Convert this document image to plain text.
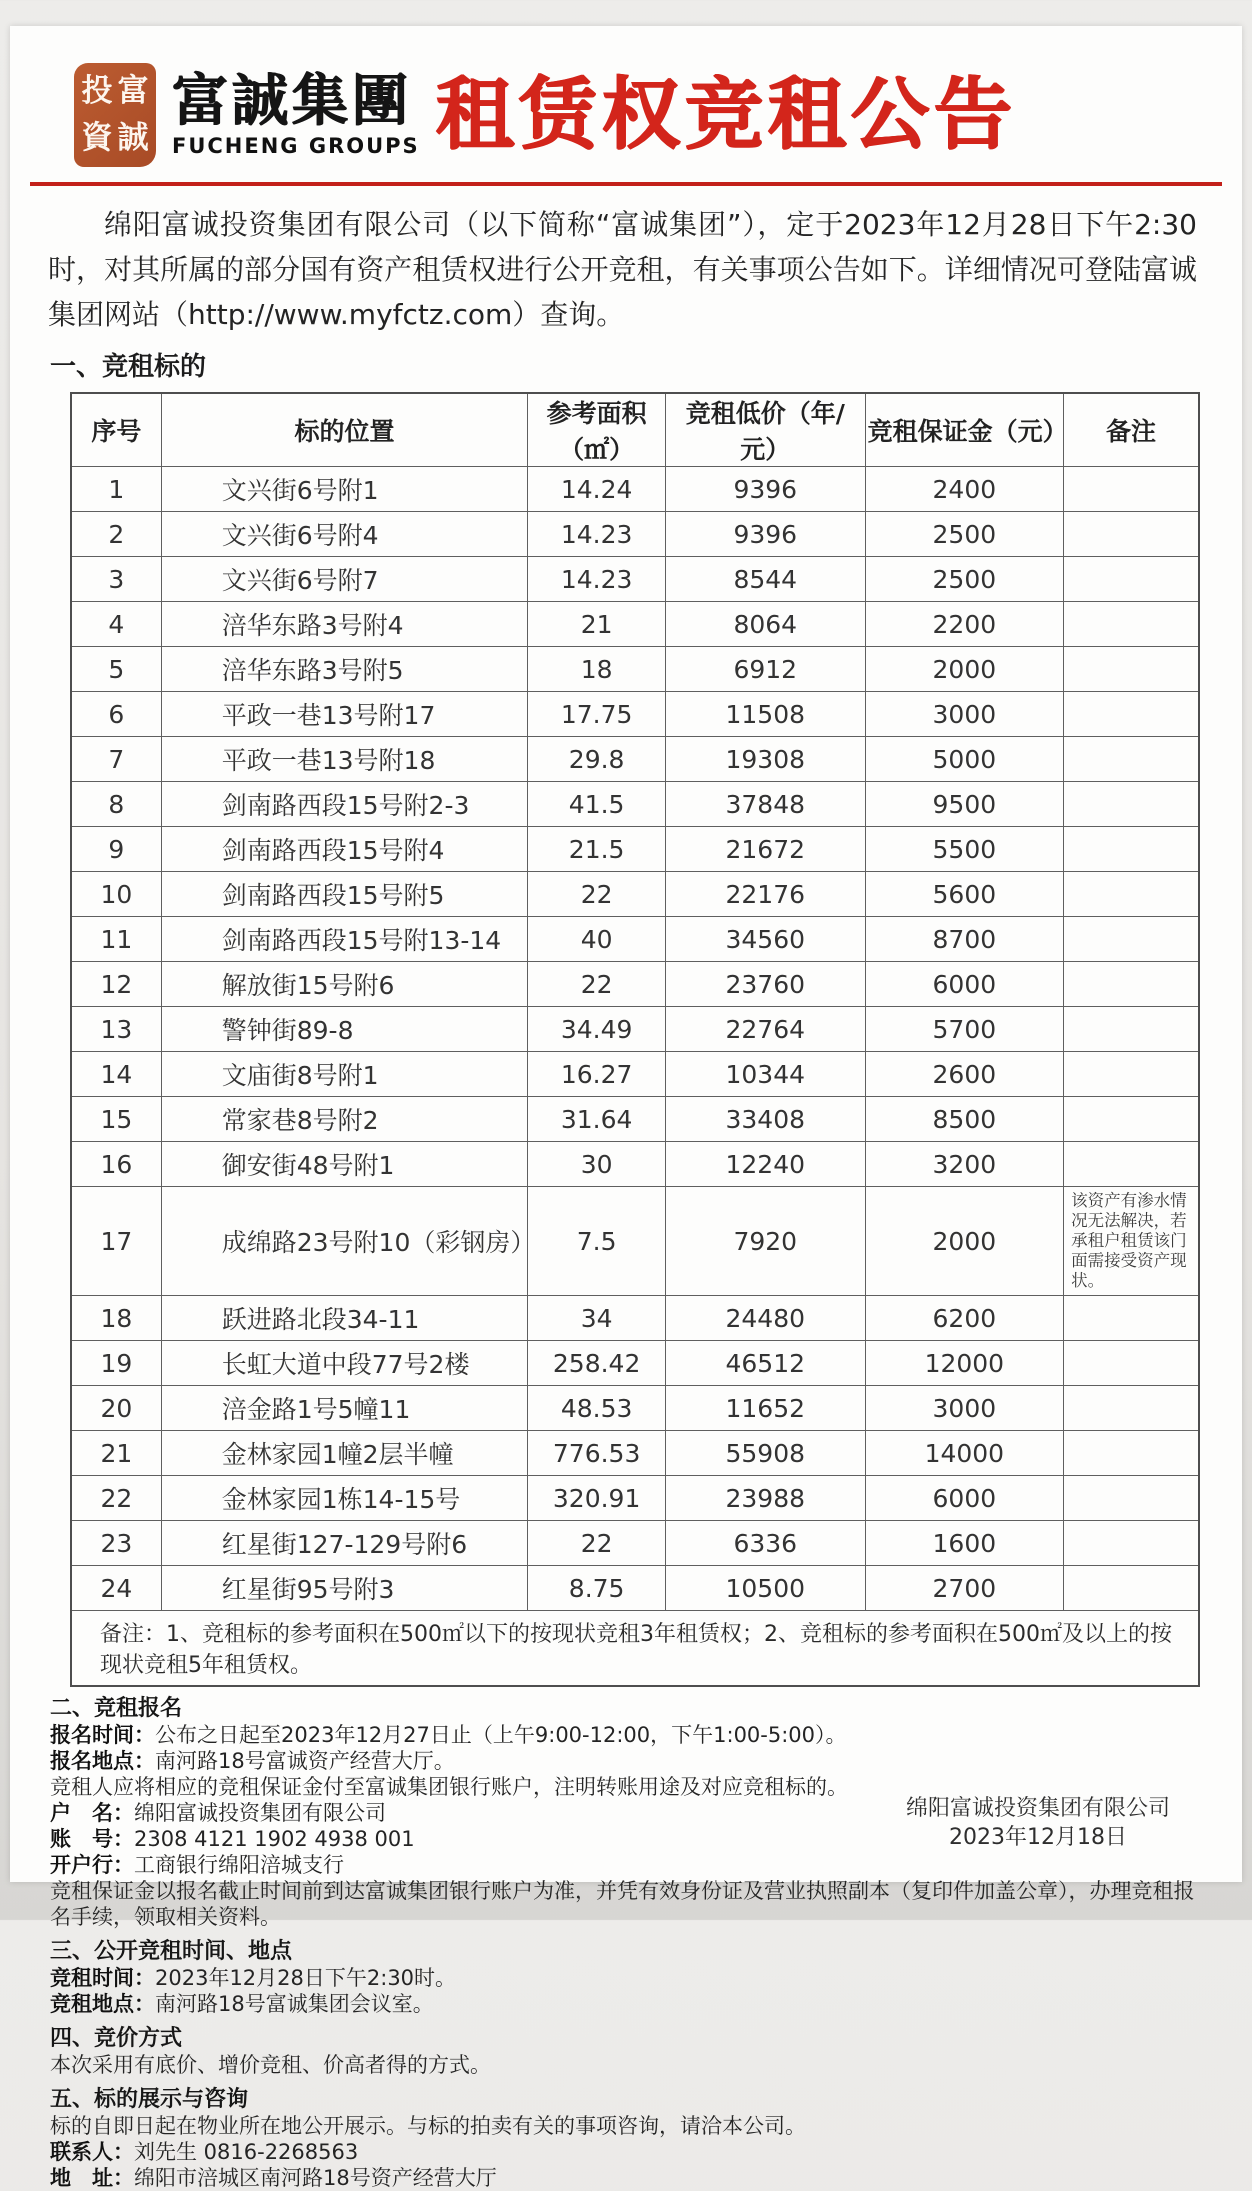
投 富
資 誠
富誠集團
FUCHENG GROUPS 租赁权竞租公告

绵阳富诚投资集团有限公司（以下简称“富诚集团”），定于2023年12月28日下午2:30时，对其所属的部分国有资产租赁权进行公开竞租，有关事项公告如下。详细情况可登陆富诚集团网站（http://www.myfctz.com）查询。

一、竞租标的
序号	标的位置	参考面积（㎡）	竞租低价（年/元）	竞租保证金（元）	备注
1	文兴街6号附1	14.24	9396	2400	
2	文兴街6号附4	14.23	9396	2500	
3	文兴街6号附7	14.23	8544	2500	
4	涪华东路3号附4	21	8064	2200	
5	涪华东路3号附5	18	6912	2000	
6	平政一巷13号附17	17.75	11508	3000	
7	平政一巷13号附18	29.8	19308	5000	
8	剑南路西段15号附2-3	41.5	37848	9500	
9	剑南路西段15号附4	21.5	21672	5500	
10	剑南路西段15号附5	22	22176	5600	
11	剑南路西段15号附13-14	40	34560	8700	
12	解放街15号附6	22	23760	6000	
13	警钟街89-8	34.49	22764	5700	
14	文庙街8号附1	16.27	10344	2600	
15	常家巷8号附2	31.64	33408	8500	
16	御安街48号附1	30	12240	3200	
17	成绵路23号附10（彩钢房）	7.5	7920	2000	该资产有渗水情况无法解决，若承租户租赁该门面需接受资产现状。
18	跃进路北段34-11	34	24480	6200	
19	长虹大道中段77号2楼	258.42	46512	12000	
20	涪金路1号5幢11	48.53	11652	3000	
21	金林家园1幢2层半幢	776.53	55908	14000	
22	金林家园1栋14-15号	320.91	23988	6000	
23	红星街127-129号附6	22	6336	1600	
24	红星街95号附3	8.75	10500	2700	
备注：1、竞租标的参考面积在500㎡以下的按现状竞租3年租赁权；2、竞租标的参考面积在500㎡及以上的按现状竞租5年租赁权。					
二、竞租报名

报名时间：公布之日起至2023年12月27日止（上午9:00-12:00，下午1:00-5:00）。

报名地点：南河路18号富诚资产经营大厅。

竞租人应将相应的竞租保证金付至富诚集团银行账户，注明转账用途及对应竞租标的。

户　名：绵阳富诚投资集团有限公司

账　号：2308 4121 1902 4938 001

开户行：工商银行绵阳涪城支行

竞租保证金以报名截止时间前到达富诚集团银行账户为准，并凭有效身份证及营业执照副本（复印件加盖公章），办理竞租报名手续，领取相关资料。

三、公开竞租时间、地点

竞租时间：2023年12月28日下午2:30时。

竞租地点：南河路18号富诚集团会议室。

四、竞价方式

本次采用有底价、增价竞租、价高者得的方式。

五、标的展示与咨询

标的自即日起在物业所在地公开展示。与标的拍卖有关的事项咨询，请洽本公司。

联系人：刘先生 0816-2268563

地　址：绵阳市涪城区南河路18号资产经营大厅

绵阳富诚投资集团有限公司
2023年12月18日
